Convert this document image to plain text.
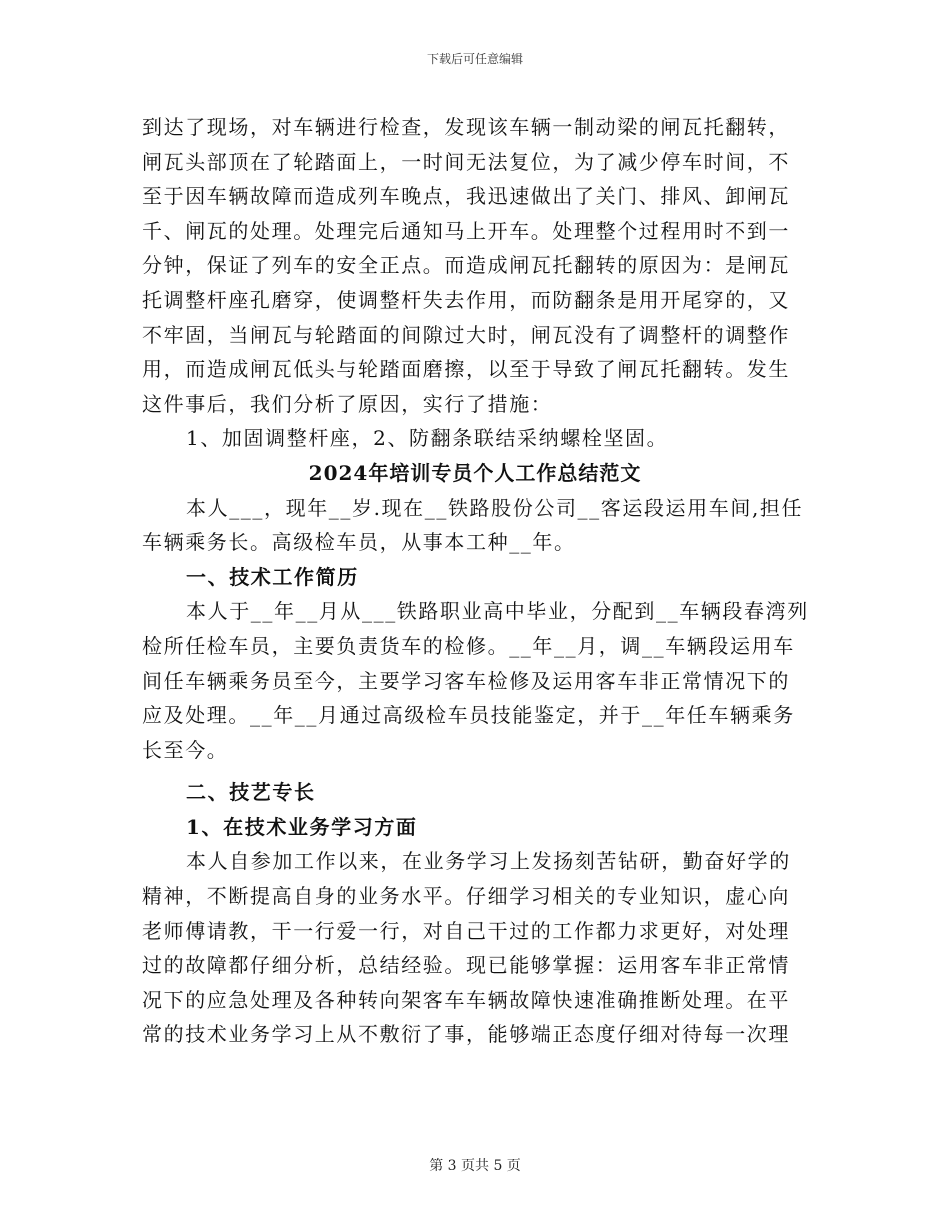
下载后可任意编辑
到达了现场，对车辆进行检查，发现该车辆一制动梁的闸瓦托翻转，
闸瓦头部顶在了轮踏面上，一时间无法复位，为了减少停车时间，不
至于因车辆故障而造成列车晚点，我迅速做出了关门、排风、卸闸瓦
千、闸瓦的处理。处理完后通知马上开车。处理整个过程用时不到一
分钟，保证了列车的安全正点。而造成闸瓦托翻转的原因为：是闸瓦
托调整杆座孔磨穿，使调整杆失去作用，而防翻条是用开尾穿的，又
不牢固，当闸瓦与轮踏面的间隙过大时，闸瓦没有了调整杆的调整作
用，而造成闸瓦低头与轮踏面磨擦，以至于导致了闸瓦托翻转。发生
这件事后，我们分析了原因，实行了措施：
1、加固调整杆座，2、防翻条联结采纳螺栓坚固。
2024年培训专员个人工作总结范文
本人___，现年__岁.现在__铁路股份公司__客运段运用车间,担任
车辆乘务长。高级检车员，从事本工种__年。
一、技术工作简历
本人于__年__月从___铁路职业高中毕业，分配到__车辆段春湾列
检所任检车员，主要负责货车的检修。__年__月，调__车辆段运用车
间任车辆乘务员至今，主要学习客车检修及运用客车非正常情况下的
应及处理。__年__月通过高级检车员技能鉴定，并于__年任车辆乘务
长至今。
二、技艺专长
1、在技术业务学习方面
本人自参加工作以来，在业务学习上发扬刻苦钻研，勤奋好学的
精神，不断提高自身的业务水平。仔细学习相关的专业知识，虚心向
老师傅请教，干一行爱一行，对自己干过的工作都力求更好，对处理
过的故障都仔细分析，总结经验。现已能够掌握：运用客车非正常情
况下的应急处理及各种转向架客车车辆故障快速准确推断处理。在平
常的技术业务学习上从不敷衍了事，能够端正态度仔细对待每一次理
第 3 页共 5 页
